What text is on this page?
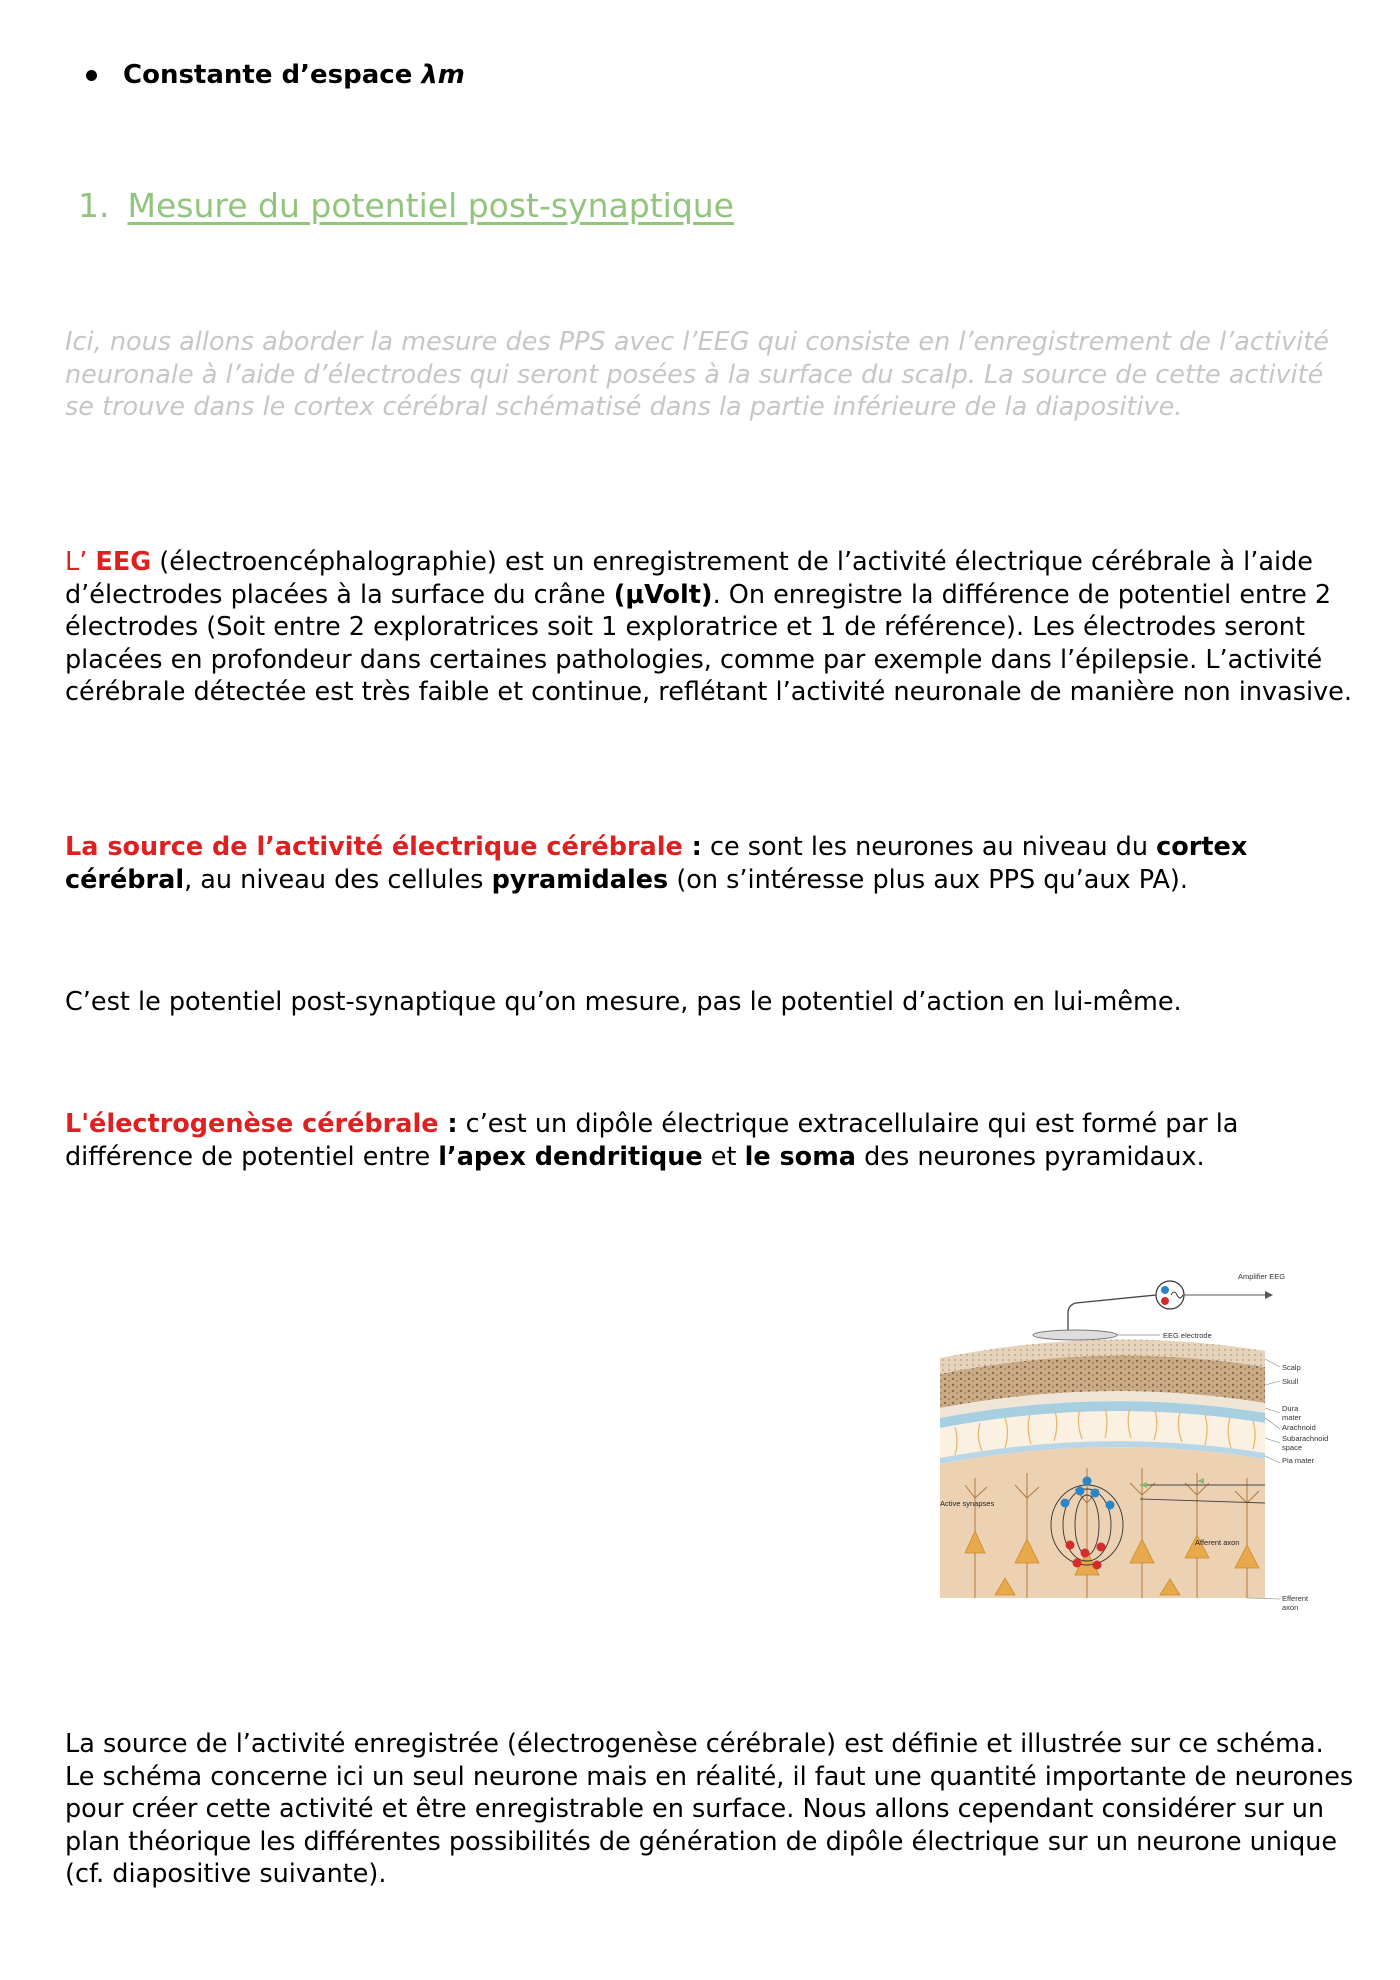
Constante d’espace λm
1. Mesure du potentiel post-synaptique
Ici, nous allons aborder la mesure des PPS avec l’EEG qui consiste en l’enregistrement de l’activité neuronale à l’aide d’électrodes qui seront posées à la surface du scalp. La source de cette activité se trouve dans le cortex cérébral schématisé dans la partie inférieure de la diapositive.
L’ EEG (électroencéphalographie) est un enregistrement de l’activité électrique cérébrale à l’aide d’électrodes placées à la surface du crâne (μVolt). On enregistre la différence de potentiel entre 2 électrodes (Soit entre 2 exploratrices soit 1 exploratrice et 1 de référence). Les électrodes seront placées en profondeur dans certaines pathologies, comme par exemple dans l’épilepsie. L’activité cérébrale détectée est très faible et continue, reflétant l’activité neuronale de manière non invasive.
La source de l’activité électrique cérébrale : ce sont les neurones au niveau du cortex cérébral, au niveau des cellules pyramidales (on s’intéresse plus aux PPS qu’aux PA).
C’est le potentiel post-synaptique qu’on mesure, pas le potentiel d’action en lui-même.
L'électrogenèse cérébrale : c’est un dipôle électrique extracellulaire qui est formé par la différence de potentiel entre l’apex dendritique et le soma des neurones pyramidaux.
Amplifier EEG
EEG electrode
Active synapses
Afferent axon
Scalp
Skull
Dura
mater
Arachnoid
Subarachnoid
space
Pia mater
Efferent
axon
La source de l’activité enregistrée (électrogenèse cérébrale) est définie et illustrée sur ce schéma. Le schéma concerne ici un seul neurone mais en réalité, il faut une quantité importante de neurones pour créer cette activité et être enregistrable en surface. Nous allons cependant considérer sur un plan théorique les différentes possibilités de génération de dipôle électrique sur un neurone unique (cf. diapositive suivante).
